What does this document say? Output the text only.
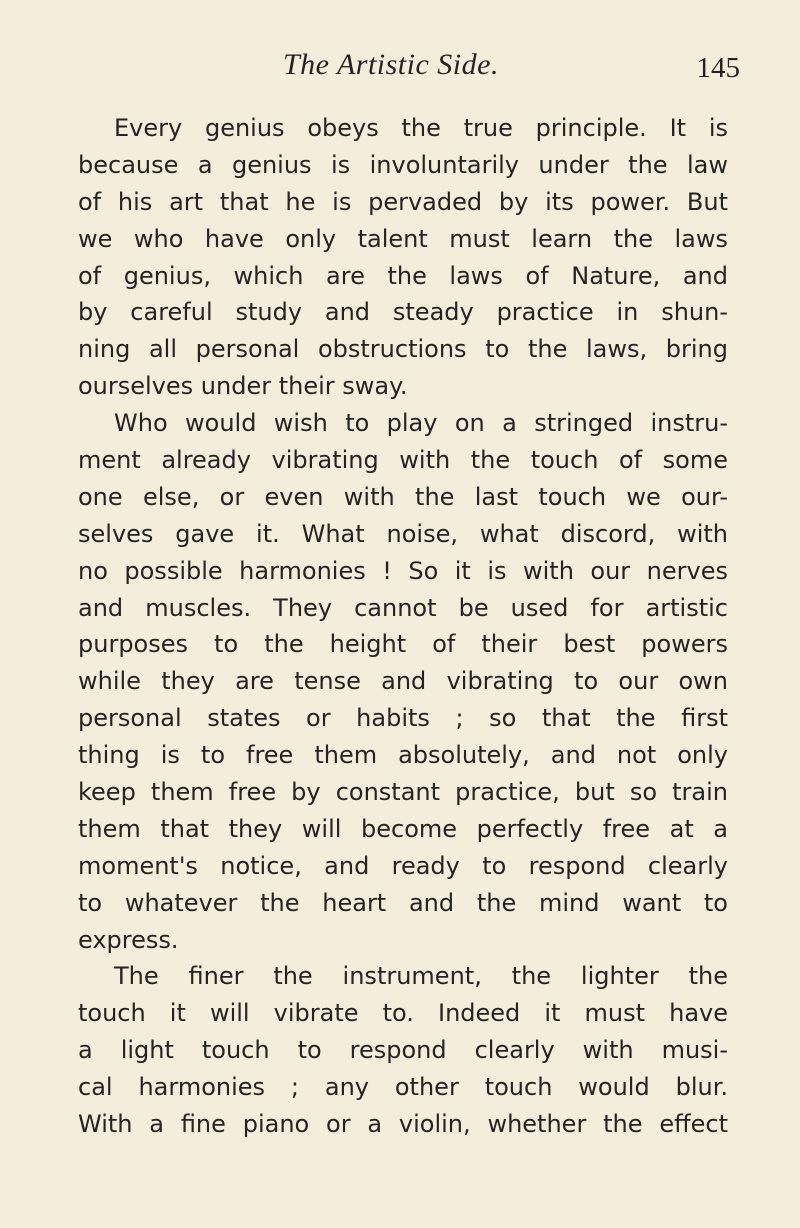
The Artistic Side.	145
Every genius obeys the true principle. It is
because a genius is involuntarily under the law
of his art that he is pervaded by its power. But
we who have only talent must learn the laws
of genius, which are the laws of Nature, and
by careful study and steady practice in shun-
ning all personal obstructions to the laws, bring
ourselves under their sway.
Who would wish to play on a stringed instru-
ment already vibrating with the touch of some
one else, or even with the last touch we our-
selves gave it. What noise, what discord, with
no possible harmonies ! So it is with our nerves
and muscles. They cannot be used for artistic
purposes to the height of their best powers
while they are tense and vibrating to our own
personal states or habits ; so that the first
thing is to free them absolutely, and not only
keep them free by constant practice, but so train
them that they will become perfectly free at a
moment's notice, and ready to respond clearly
to whatever the heart and the mind want to
express.
The finer the instrument, the lighter the
touch it will vibrate to. Indeed it must have
a light touch to respond clearly with musi-
cal harmonies ; any other touch would blur.
With a fine piano or a violin, whether the effect
